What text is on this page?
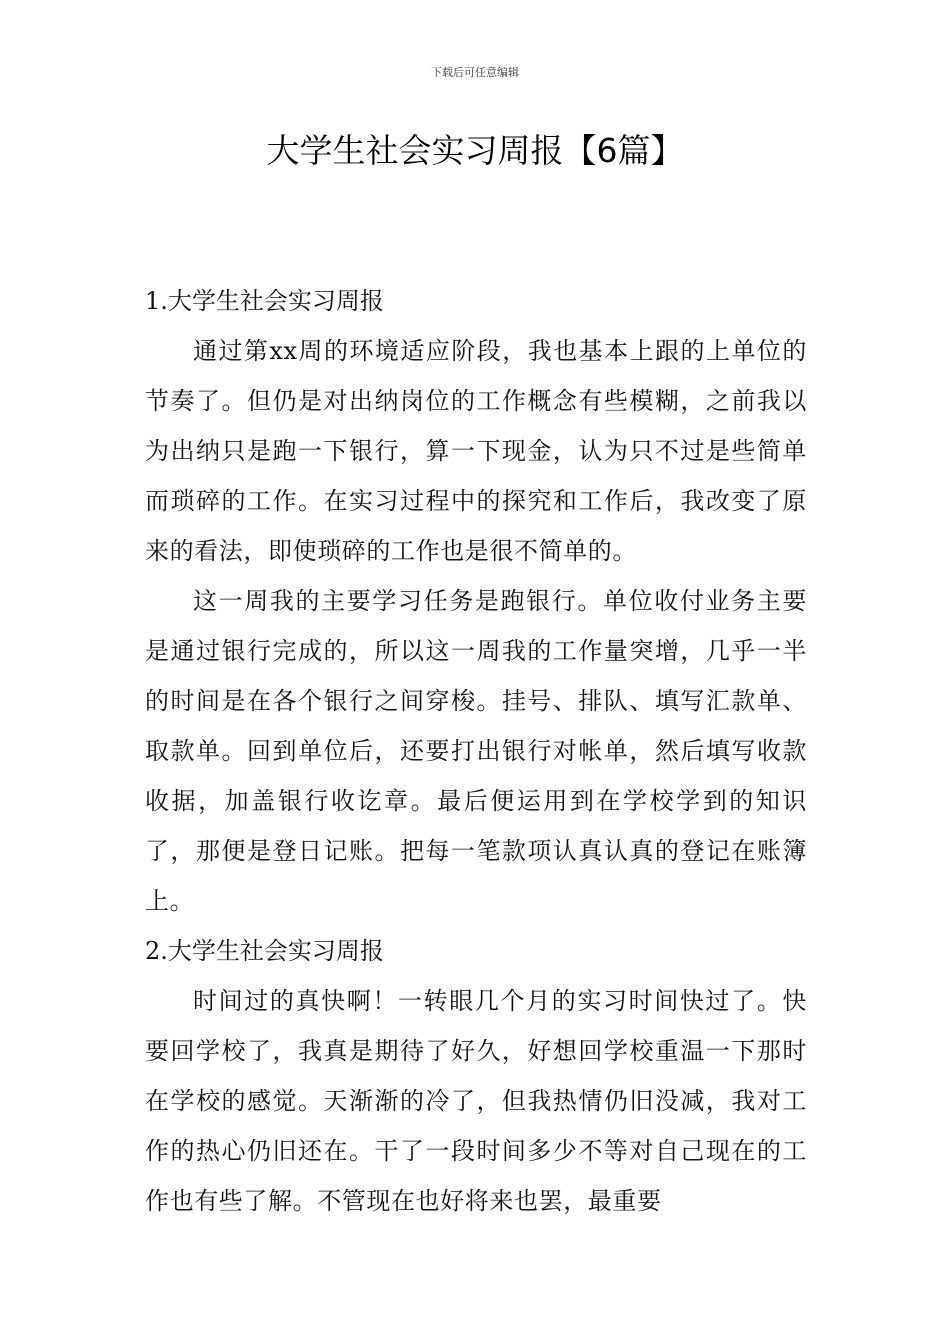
下载后可任意编辑
大学生社会实习周报【6篇】
1.大学生社会实习周报

通过第xx周的环境适应阶段，我也基本上跟的上单位的节奏了。但仍是对出纳岗位的工作概念有些模糊，之前我以为出纳只是跑一下银行，算一下现金，认为只不过是些简单而琐碎的工作。在实习过程中的探究和工作后，我改变了原来的看法，即使琐碎的工作也是很不简单的。

这一周我的主要学习任务是跑银行。单位收付业务主要是通过银行完成的，所以这一周我的工作量突增，几乎一半的时间是在各个银行之间穿梭。挂号、排队、填写汇款单、取款单。回到单位后，还要打出银行对帐单，然后填写收款收据，加盖银行收讫章。最后便运用到在学校学到的知识了，那便是登日记账。把每一笔款项认真认真的登记在账簿上。

2.大学生社会实习周报

时间过的真快啊！一转眼几个月的实习时间快过了。快要回学校了，我真是期待了好久，好想回学校重温一下那时在学校的感觉。天渐渐的冷了，但我热情仍旧没减，我对工作的热心仍旧还在。干了一段时间多少不等对自己现在的工作也有些了解。不管现在也好将来也罢，最重要
